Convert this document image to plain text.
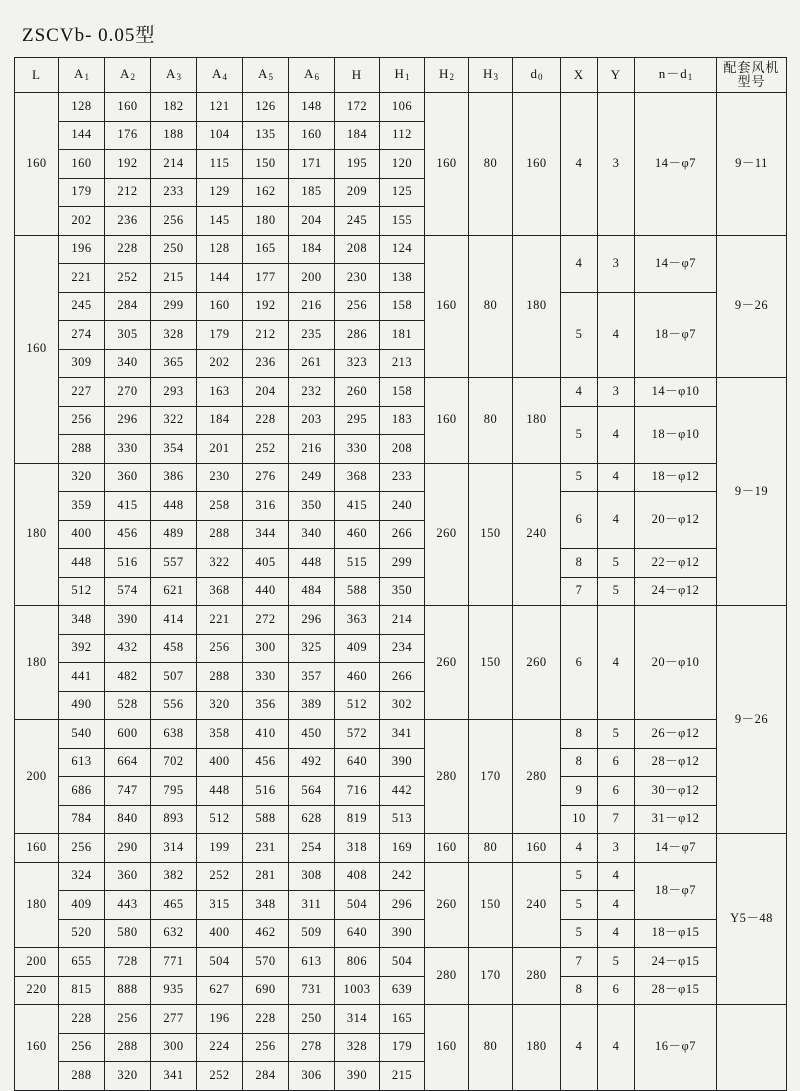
ZSCVb- 0.05型
L	$A_1$	$A_2$	$A_3$	$A_4$	$A_5$	$A_6$	H	$H_1$	$H_2$	$H_3$	$d_0$	X	Y	$n-d_1$	配套风机型号
160	128	160	182	121	126	148	172	106	160	80	160	4	3	14－φ7	9－11
	144	176	188	104	135	160	184	112							
	160	192	214	115	150	171	195	120							
	179	212	233	129	162	185	209	125							
	202	236	256	145	180	204	245	155							
160	196	228	250	128	165	184	208	124	160	80	180	4	3	14－φ7	9－26
	221	252	215	144	177	200	230	138							
	245	284	299	160	192	216	256	158				5	4	18－φ7	
	274	305	328	179	212	235	286	181							
	309	340	365	202	236	261	323	213							
	227	270	293	163	204	232	260	158	160	80	180	4	3	14－φ10	9－19
	256	296	322	184	228	203	295	183				5	4	18－φ10	
	288	330	354	201	252	216	330	208							
180	320	360	386	230	276	249	368	233	260	150	240	5	4	18－φ12	
	359	415	448	258	316	350	415	240				6	4	20－φ12	
	400	456	489	288	344	340	460	266							
	448	516	557	322	405	448	515	299				8	5	22－φ12	
	512	574	621	368	440	484	588	350				7	5	24－φ12	
180	348	390	414	221	272	296	363	214	260	150	260	6	4	20－φ10	9－26
	392	432	458	256	300	325	409	234							
	441	482	507	288	330	357	460	266							
	490	528	556	320	356	389	512	302							
200	540	600	638	358	410	450	572	341	280	170	280	8	5	26－φ12	
	613	664	702	400	456	492	640	390				8	6	28－φ12	
	686	747	795	448	516	564	716	442				9	6	30－φ12	
	784	840	893	512	588	628	819	513				10	7	31－φ12	
160	256	290	314	199	231	254	318	169	160	80	160	4	3	14－φ7	Y5－48
180	324	360	382	252	281	308	408	242	260	150	240	5	4	18－φ7	
	409	443	465	315	348	311	504	296				5	4		
	520	580	632	400	462	509	640	390				5	4	18－φ15	
200	655	728	771	504	570	613	806	504	280	170	280	7	5	24－φ15	
220	815	888	935	627	690	731	1003	639				8	6	28－φ15	
160	228	256	277	196	228	250	314	165	160	80	180	4	4	16－φ7	
	256	288	300	224	256	278	328	179							
	288	320	341	252	284	306	390	215							
